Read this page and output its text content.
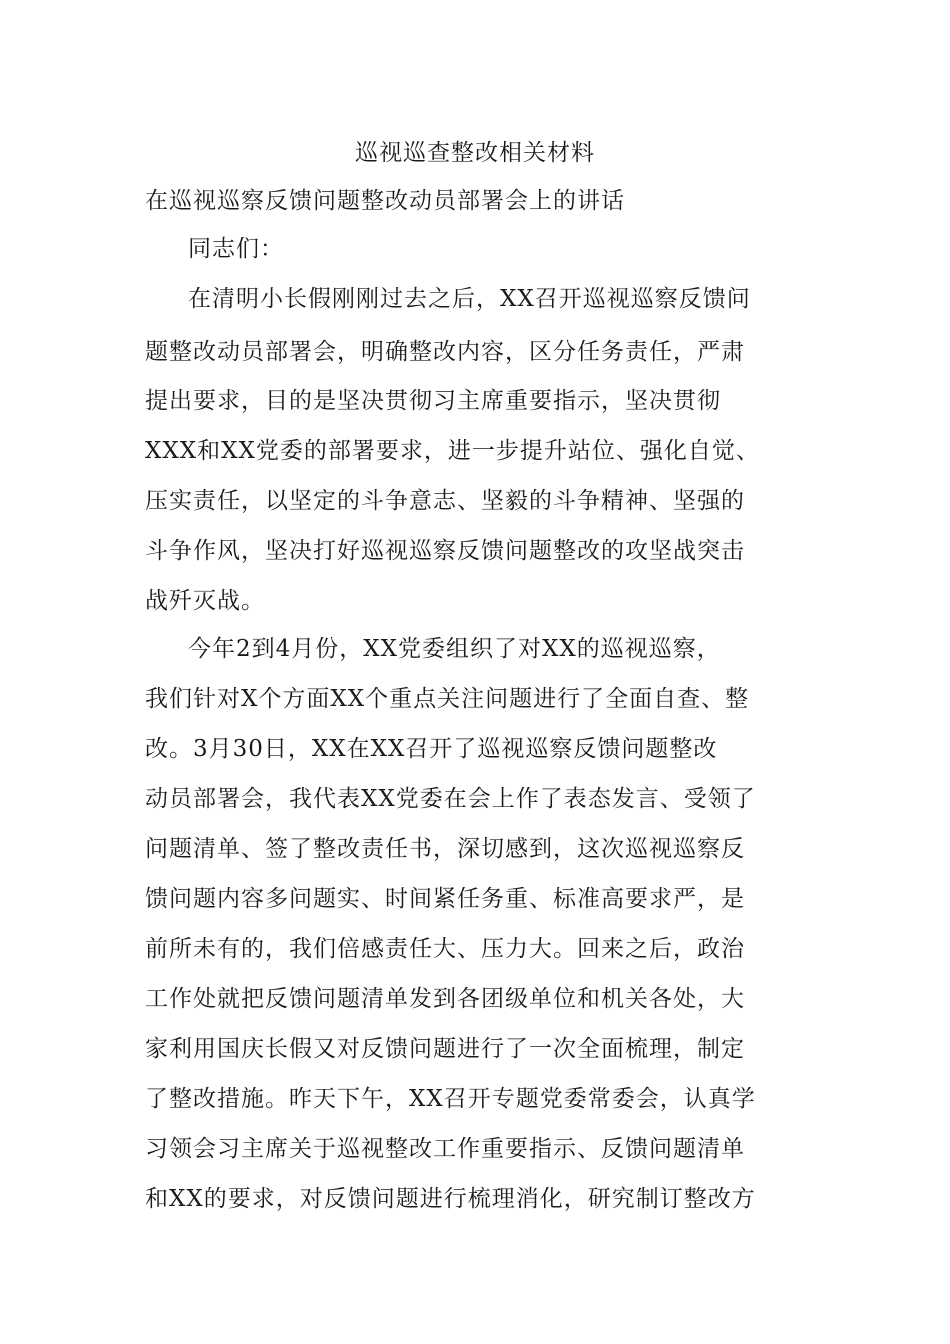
巡视巡查整改相关材料
在巡视巡察反馈问题整改动员部署会上的讲话
同志们：
在清明小长假刚刚过去之后，XX召开巡视巡察反馈问
题整改动员部署会，明确整改内容，区分任务责任，严肃
提出要求，目的是坚决贯彻习主席重要指示，坚决贯彻
XXX和XX党委的部署要求，进一步提升站位、强化自觉、
压实责任，以坚定的斗争意志、坚毅的斗争精神、坚强的
斗争作风，坚决打好巡视巡察反馈问题整改的攻坚战突击
战歼灭战。
今年2到4月份，XX党委组织了对XX的巡视巡察，
我们针对X个方面XX个重点关注问题进行了全面自查、整
改。3月30日，XX在XX召开了巡视巡察反馈问题整改
动员部署会，我代表XX党委在会上作了表态发言、受领了
问题清单、签了整改责任书，深切感到，这次巡视巡察反
馈问题内容多问题实、时间紧任务重、标准高要求严，是
前所未有的，我们倍感责任大、压力大。回来之后，政治
工作处就把反馈问题清单发到各团级单位和机关各处，大
家利用国庆长假又对反馈问题进行了一次全面梳理，制定
了整改措施。昨天下午，XX召开专题党委常委会，认真学
习领会习主席关于巡视整改工作重要指示、反馈问题清单
和XX的要求，对反馈问题进行梳理消化，研究制订整改方
